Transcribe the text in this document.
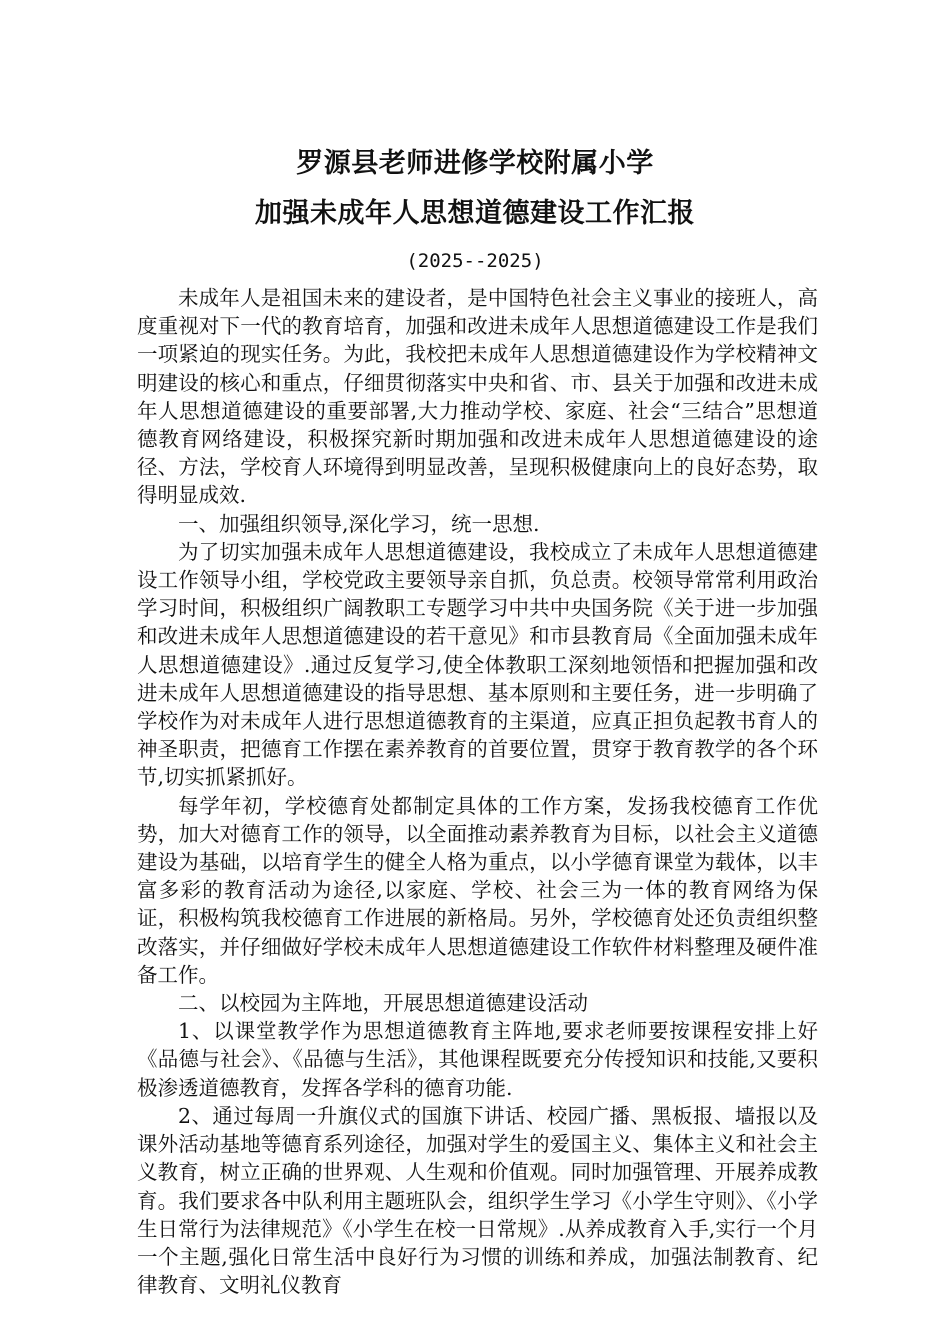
罗源县老师进修学校附属小学
加强未成年人思想道德建设工作汇报
(2025--2025)

未成年人是祖国未来的建设者，是中国特色社会主义事业的接班人，高度重视对下一代的教育培育，加强和改进未成年人思想道德建设工作是我们一项紧迫的现实任务。为此，我校把未成年人思想道德建设作为学校精神文明建设的核心和重点，仔细贯彻落实中央和省、市、县关于加强和改进未成年人思想道德建设的重要部署,大力推动学校、家庭、社会“三结合”思想道德教育网络建设，积极探究新时期加强和改进未成年人思想道德建设的途径、方法，学校育人环境得到明显改善，呈现积极健康向上的良好态势，取得明显成效.

一、加强组织领导,深化学习，统一思想.

为了切实加强未成年人思想道德建设，我校成立了未成年人思想道德建设工作领导小组，学校党政主要领导亲自抓，负总责。校领导常常利用政治学习时间，积极组织广阔教职工专题学习中共中央国务院《关于进一步加强和改进未成年人思想道德建设的若干意见》和市县教育局《全面加强未成年人思想道德建设》.通过反复学习,使全体教职工深刻地领悟和把握加强和改进未成年人思想道德建设的指导思想、基本原则和主要任务，进一步明确了学校作为对未成年人进行思想道德教育的主渠道，应真正担负起教书育人的神圣职责，把德育工作摆在素养教育的首要位置，贯穿于教育教学的各个环节,切实抓紧抓好。

每学年初，学校德育处都制定具体的工作方案，发扬我校德育工作优势，加大对德育工作的领导，以全面推动素养教育为目标，以社会主义道德建设为基础，以培育学生的健全人格为重点，以小学德育课堂为载体，以丰富多彩的教育活动为途径,以家庭、学校、社会三为一体的教育网络为保证，积极构筑我校德育工作进展的新格局。另外，学校德育处还负责组织整改落实，并仔细做好学校未成年人思想道德建设工作软件材料整理及硬件准备工作。

二、以校园为主阵地，开展思想道德建设活动

1、以课堂教学作为思想道德教育主阵地,要求老师要按课程安排上好《品德与社会》、《品德与生活》，其他课程既要充分传授知识和技能,又要积极渗透道德教育，发挥各学科的德育功能.

2、通过每周一升旗仪式的国旗下讲话、校园广播、黑板报、墙报以及课外活动基地等德育系列途径，加强对学生的爱国主义、集体主义和社会主义教育，树立正确的世界观、人生观和价值观。同时加强管理、开展养成教育。我们要求各中队利用主题班队会，组织学生学习《小学生守则》、《小学生日常行为法律规范》《小学生在校一日常规》.从养成教育入手,实行一个月一个主题,强化日常生活中良好行为习惯的训练和养成，加强法制教育、纪律教育、文明礼仪教育
